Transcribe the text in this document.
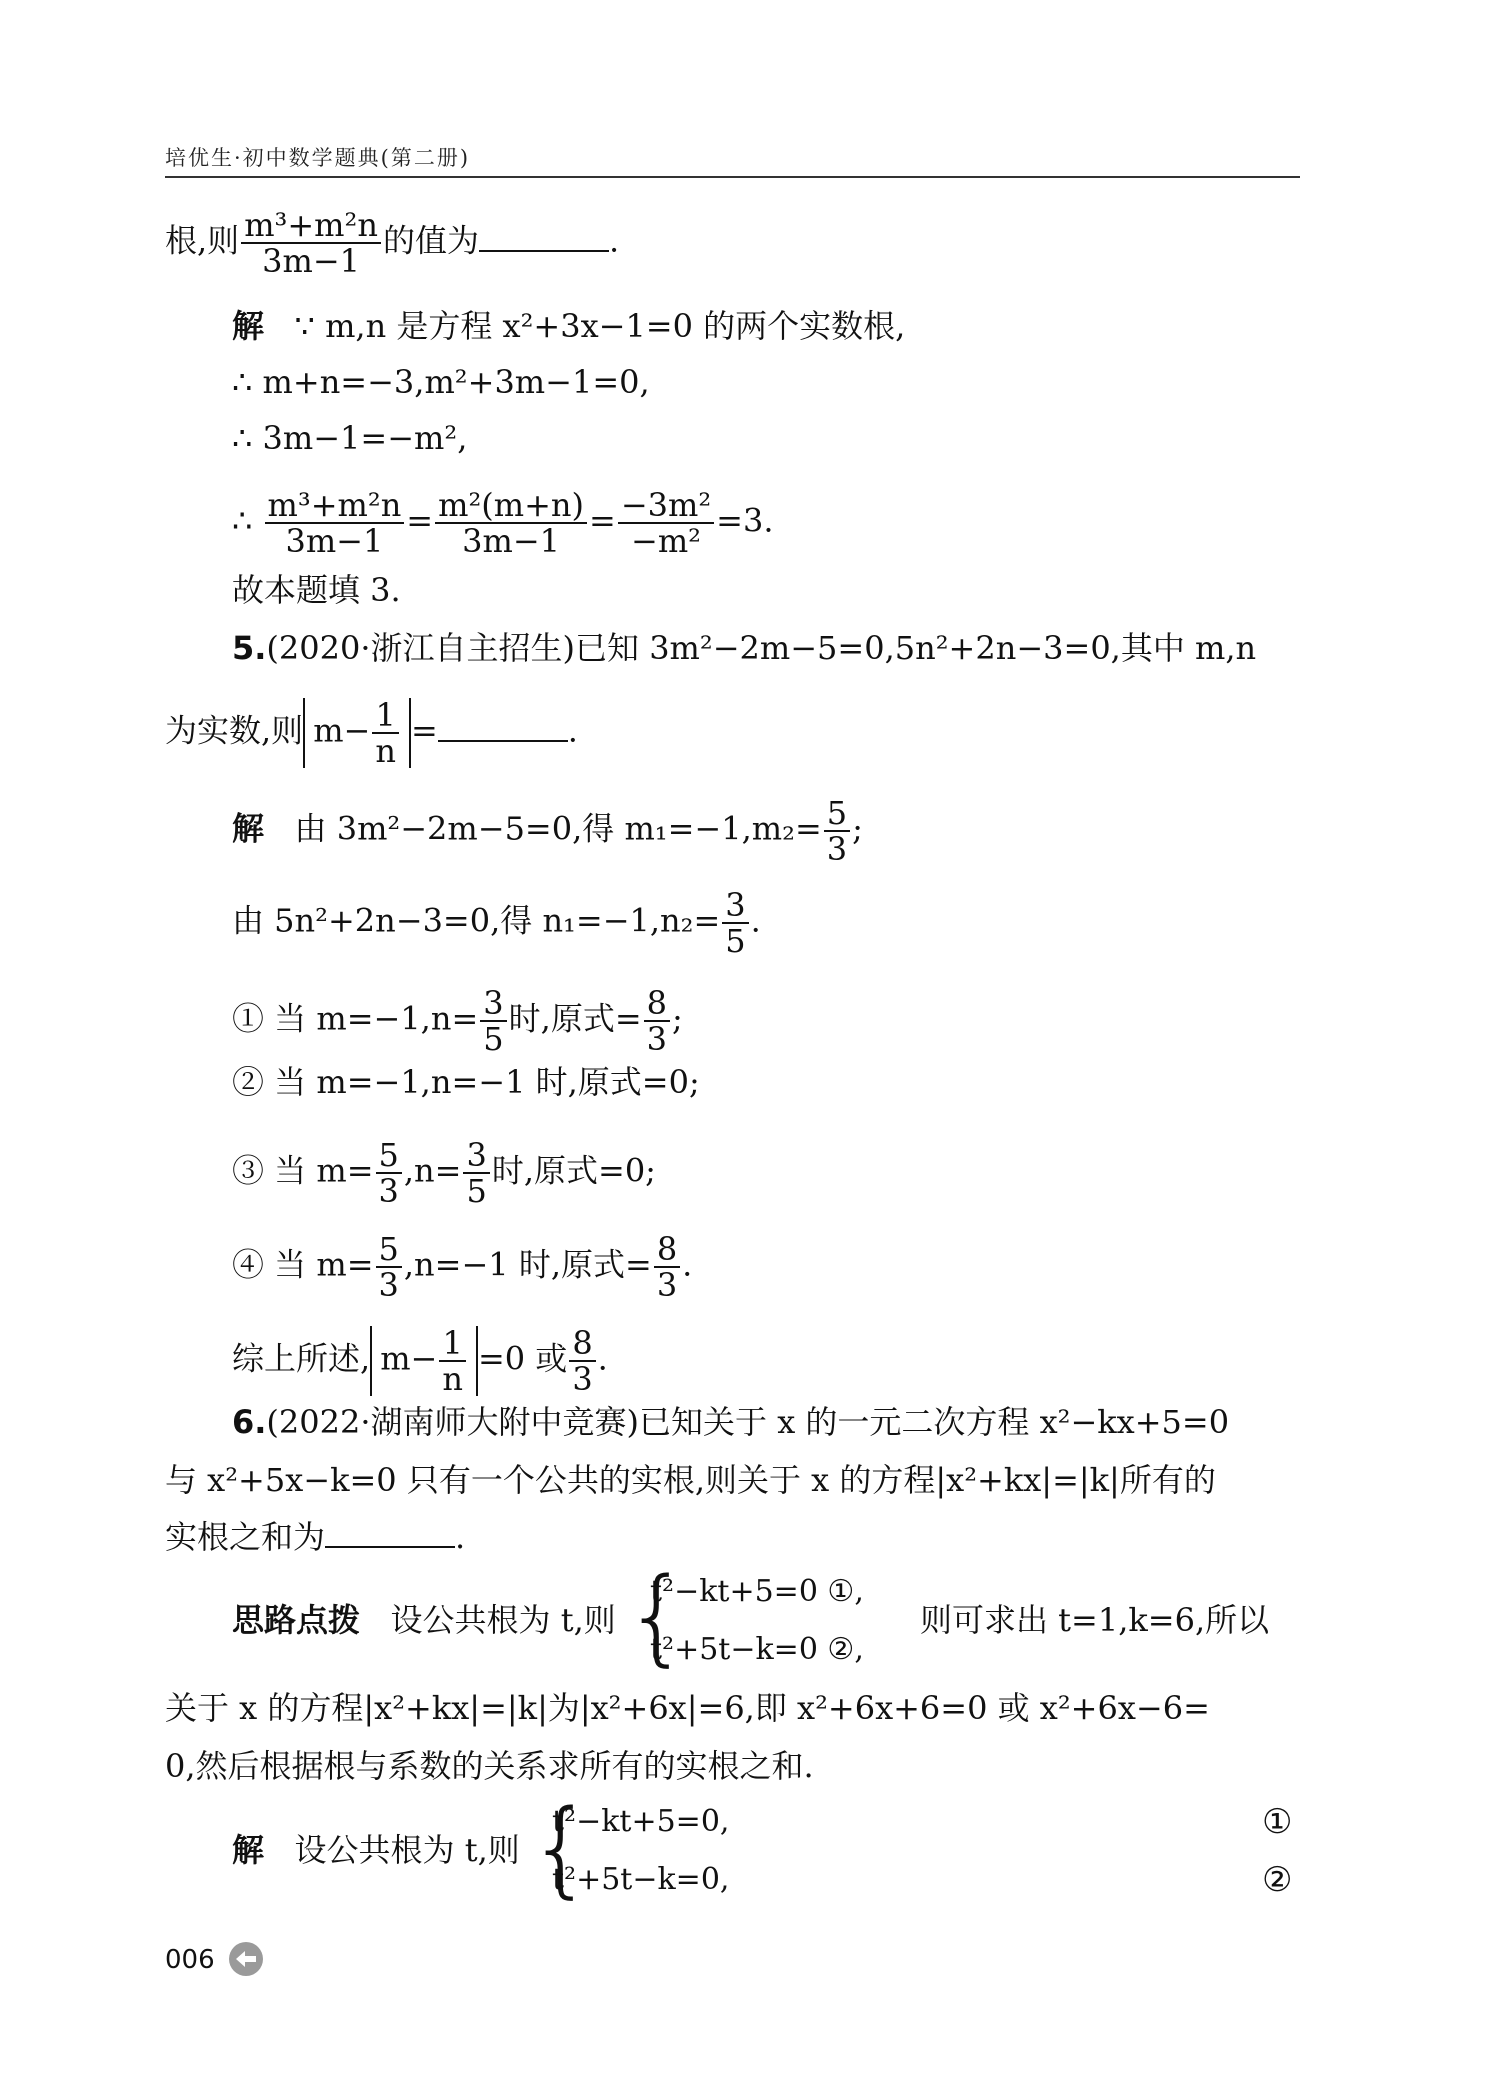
培优生·初中数学题典(第二册)
根,则 $\frac{\text{m³+m²n}}{3m-1}$ 的值为	.
解 ∵ m,n 是方程 x²+3x−1=0 的两个实数根,
∴ m+n=−3,m²+3m−1=0,
∴ 3m−1=−m²,
∴ $\frac{\text{m³+m²n}}{3m-1} = \frac{\text{m²(m+n)}}{3m-1} = \frac{\text{−3m²}}{\text{−m²}} =3$.
故本题填 3.
5.(2020·浙江自主招生)已知 3m²−2m−5=0,5n²+2n−3=0,其中 m,n
为实数,则 $m- \frac{1}{n}$ =	.
解 由 3m²−2m−5=0,得 $m_1=-1,m_2= \frac{5}{3}$ ;
由 5n²+2n−3=0,得 $n_1=-1,n_2= \frac{3}{5}$ .
① 当 $m=-1,n= \frac{3}{5}$ 时,原式= $\frac{8}{3}$ ;
② 当 m=−1,n=−1 时,原式=0;
③ 当 $m= \frac{5}{3} ,n= \frac{3}{5}$ 时,原式=0;
④ 当 $m= \frac{5}{3} ,n=-1$ 时,原式= $\frac{8}{3}$ .
综上所述, $m- \frac{1}{n} =0$ 或 $\frac{8}{3}$ .
6.(2022·湖南师大附中竞赛)已知关于 x 的一元二次方程 x²−kx+5=0
与 x²+5x−k=0 只有一个公共的实根,则关于 x 的方程|x²+kx|=|k|所有的
实根之和为	.
思路点拨 设公共根为 t,则 {
t²−kt+5=0 ①,
t²+5t−k=0 ②,
则可求出 t=1,k=6,所以
关于 x 的方程|x²+kx|=|k|为|x²+6x|=6,即 x²+6x+6=0 或 x²+6x−6=
0,然后根据根与系数的关系求所有的实根之和.
解 设公共根为 t,则 {
t²−kt+5=0,
t²+5t−k=0,
①
②
006
